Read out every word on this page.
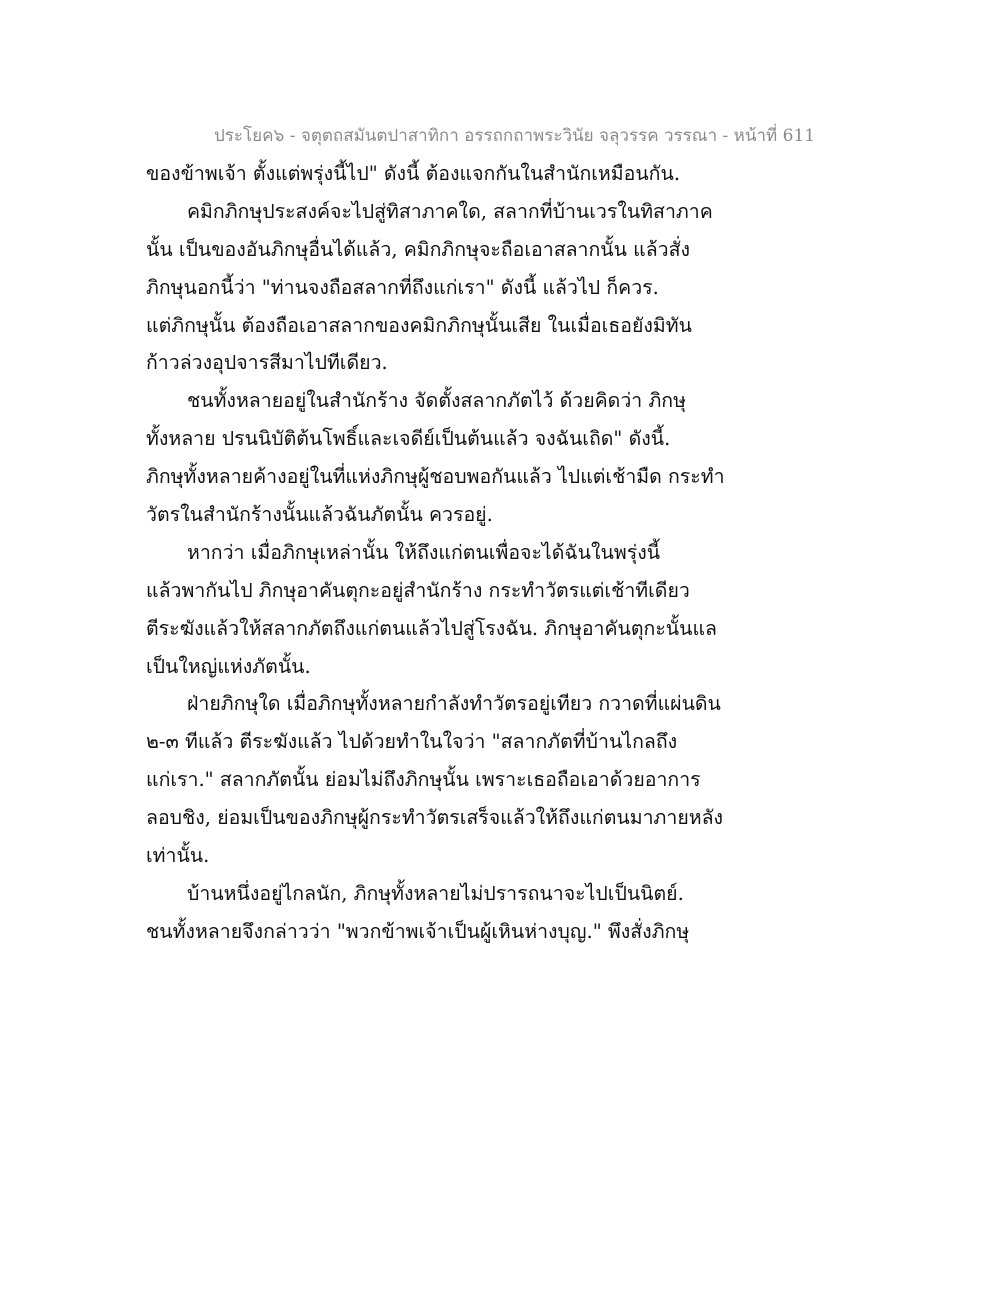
ประโยค๖ - จตุตถสมันตปาสาทิกา อรรถกถาพระวินัย จลุวรรค วรรณา - หน้าที่ 611
ของข้าพเจ้า ตั้งแต่พรุ่งนี้ไป" ดังนี้ ต้องแจกกันในสำนักเหมือนกัน.
คมิกภิกษุประสงค์จะไปสู่ทิสาภาคใด, สลากที่บ้านเวรในทิสาภาค
นั้น เป็นของอันภิกษุอื่นได้แล้ว, คมิกภิกษุจะถือเอาสลากนั้น แล้วสั่ง
ภิกษุนอกนี้ว่า "ท่านจงถือสลากที่ถึงแก่เรา" ดังนี้ แล้วไป ก็ควร.
แต่ภิกษุนั้น ต้องถือเอาสลากของคมิกภิกษุนั้นเสีย ในเมื่อเธอยังมิทัน
ก้าวล่วงอุปจารสีมาไปทีเดียว.
ชนทั้งหลายอยู่ในสำนักร้าง จัดตั้งสลากภัตไว้ ด้วยคิดว่า ภิกษุ
ทั้งหลาย ปรนนิบัติต้นโพธิ์และเจดีย์เป็นต้นแล้ว จงฉันเถิด" ดังนี้.
ภิกษุทั้งหลายค้างอยู่ในที่แห่งภิกษุผู้ชอบพอกันแล้ว ไปแต่เช้ามืด กระทำ
วัตรในสำนักร้างนั้นแล้วฉันภัตนั้น ควรอยู่.
หากว่า เมื่อภิกษุเหล่านั้น ให้ถึงแก่ตนเพื่อจะได้ฉันในพรุ่งนี้
แล้วพากันไป ภิกษุอาคันตุกะอยู่สำนักร้าง กระทำวัตรแต่เช้าทีเดียว
ตีระฆังแล้วให้สลากภัตถึงแก่ตนแล้วไปสู่โรงฉัน. ภิกษุอาคันตุกะนั้นแล
เป็นใหญ่แห่งภัตนั้น.
ฝ่ายภิกษุใด เมื่อภิกษุทั้งหลายกำลังทำวัตรอยู่เทียว กวาดที่แผ่นดิน
๒-๓ ทีแล้ว ตีระฆังแล้ว ไปด้วยทำในใจว่า "สลากภัตที่บ้านไกลถึง
แก่เรา." สลากภัตนั้น ย่อมไม่ถึงภิกษุนั้น เพราะเธอถือเอาด้วยอาการ
ลอบชิง, ย่อมเป็นของภิกษุผู้กระทำวัตรเสร็จแล้วให้ถึงแก่ตนมาภายหลัง
เท่านั้น.
บ้านหนึ่งอยู่ไกลนัก, ภิกษุทั้งหลายไม่ปรารถนาจะไปเป็นนิตย์.
ชนทั้งหลายจึงกล่าวว่า "พวกข้าพเจ้าเป็นผู้เหินห่างบุญ." พึงสั่งภิกษุ
